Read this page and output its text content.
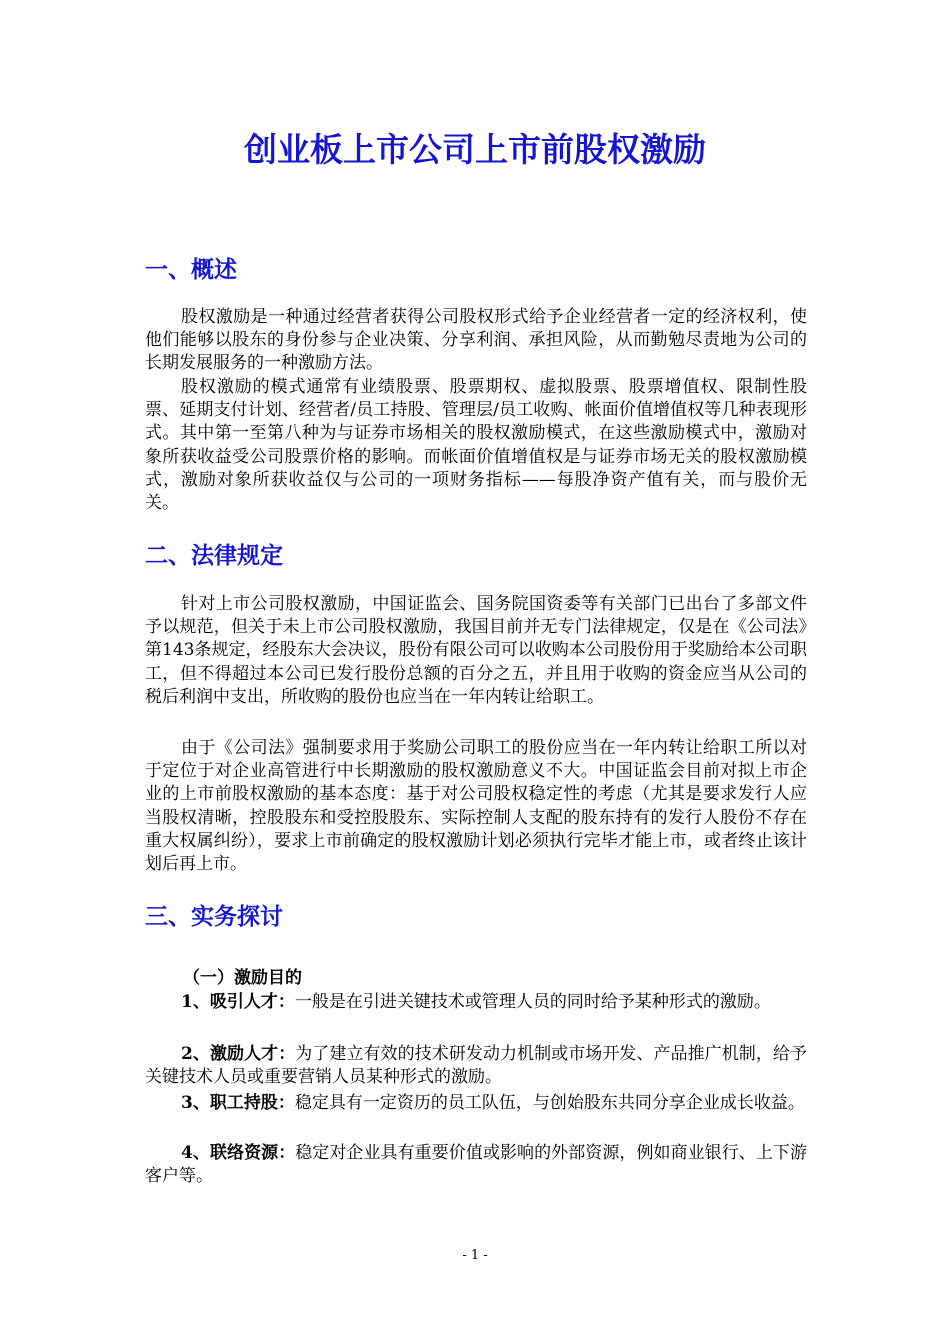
创业板上市公司上市前股权激励
一、概述

股权激励是一种通过经营者获得公司股权形式给予企业经营者一定的经济权利，使他们能够以股东的身份参与企业决策、分享利润、承担风险，从而勤勉尽责地为公司的长期发展服务的一种激励方法。

股权激励的模式通常有业绩股票、股票期权、虚拟股票、股票增值权、限制性股票、延期支付计划、经营者/员工持股、管理层/员工收购、帐面价值增值权等几种表现形式。其中第一至第八种为与证券市场相关的股权激励模式，在这些激励模式中，激励对象所获收益受公司股票价格的影响。而帐面价值增值权是与证券市场无关的股权激励模式，激励对象所获收益仅与公司的一项财务指标——每股净资产值有关，而与股价无关。

二、法律规定

针对上市公司股权激励，中国证监会、国务院国资委等有关部门已出台了多部文件予以规范，但关于未上市公司股权激励，我国目前并无专门法律规定，仅是在《公司法》第143条规定，经股东大会决议，股份有限公司可以收购本公司股份用于奖励给本公司职工，但不得超过本公司已发行股份总额的百分之五，并且用于收购的资金应当从公司的税后利润中支出，所收购的股份也应当在一年内转让给职工。

由于《公司法》强制要求用于奖励公司职工的股份应当在一年内转让给职工所以对于定位于对企业高管进行中长期激励的股权激励意义不大。中国证监会目前对拟上市企业的上市前股权激励的基本态度：基于对公司股权稳定性的考虑（尤其是要求发行人应当股权清晰，控股股东和受控股股东、实际控制人支配的股东持有的发行人股份不存在重大权属纠纷），要求上市前确定的股权激励计划必须执行完毕才能上市，或者终止该计划后再上市。

三、实务探讨

（一）激励目的

1、吸引人才：一般是在引进关键技术或管理人员的同时给予某种形式的激励。

2、激励人才：为了建立有效的技术研发动力机制或市场开发、产品推广机制，给予关键技术人员或重要营销人员某种形式的激励。

3、职工持股：稳定具有一定资历的员工队伍，与创始股东共同分享企业成长收益。

4、联络资源：稳定对企业具有重要价值或影响的外部资源，例如商业银行、上下游客户等。

- 1 -
